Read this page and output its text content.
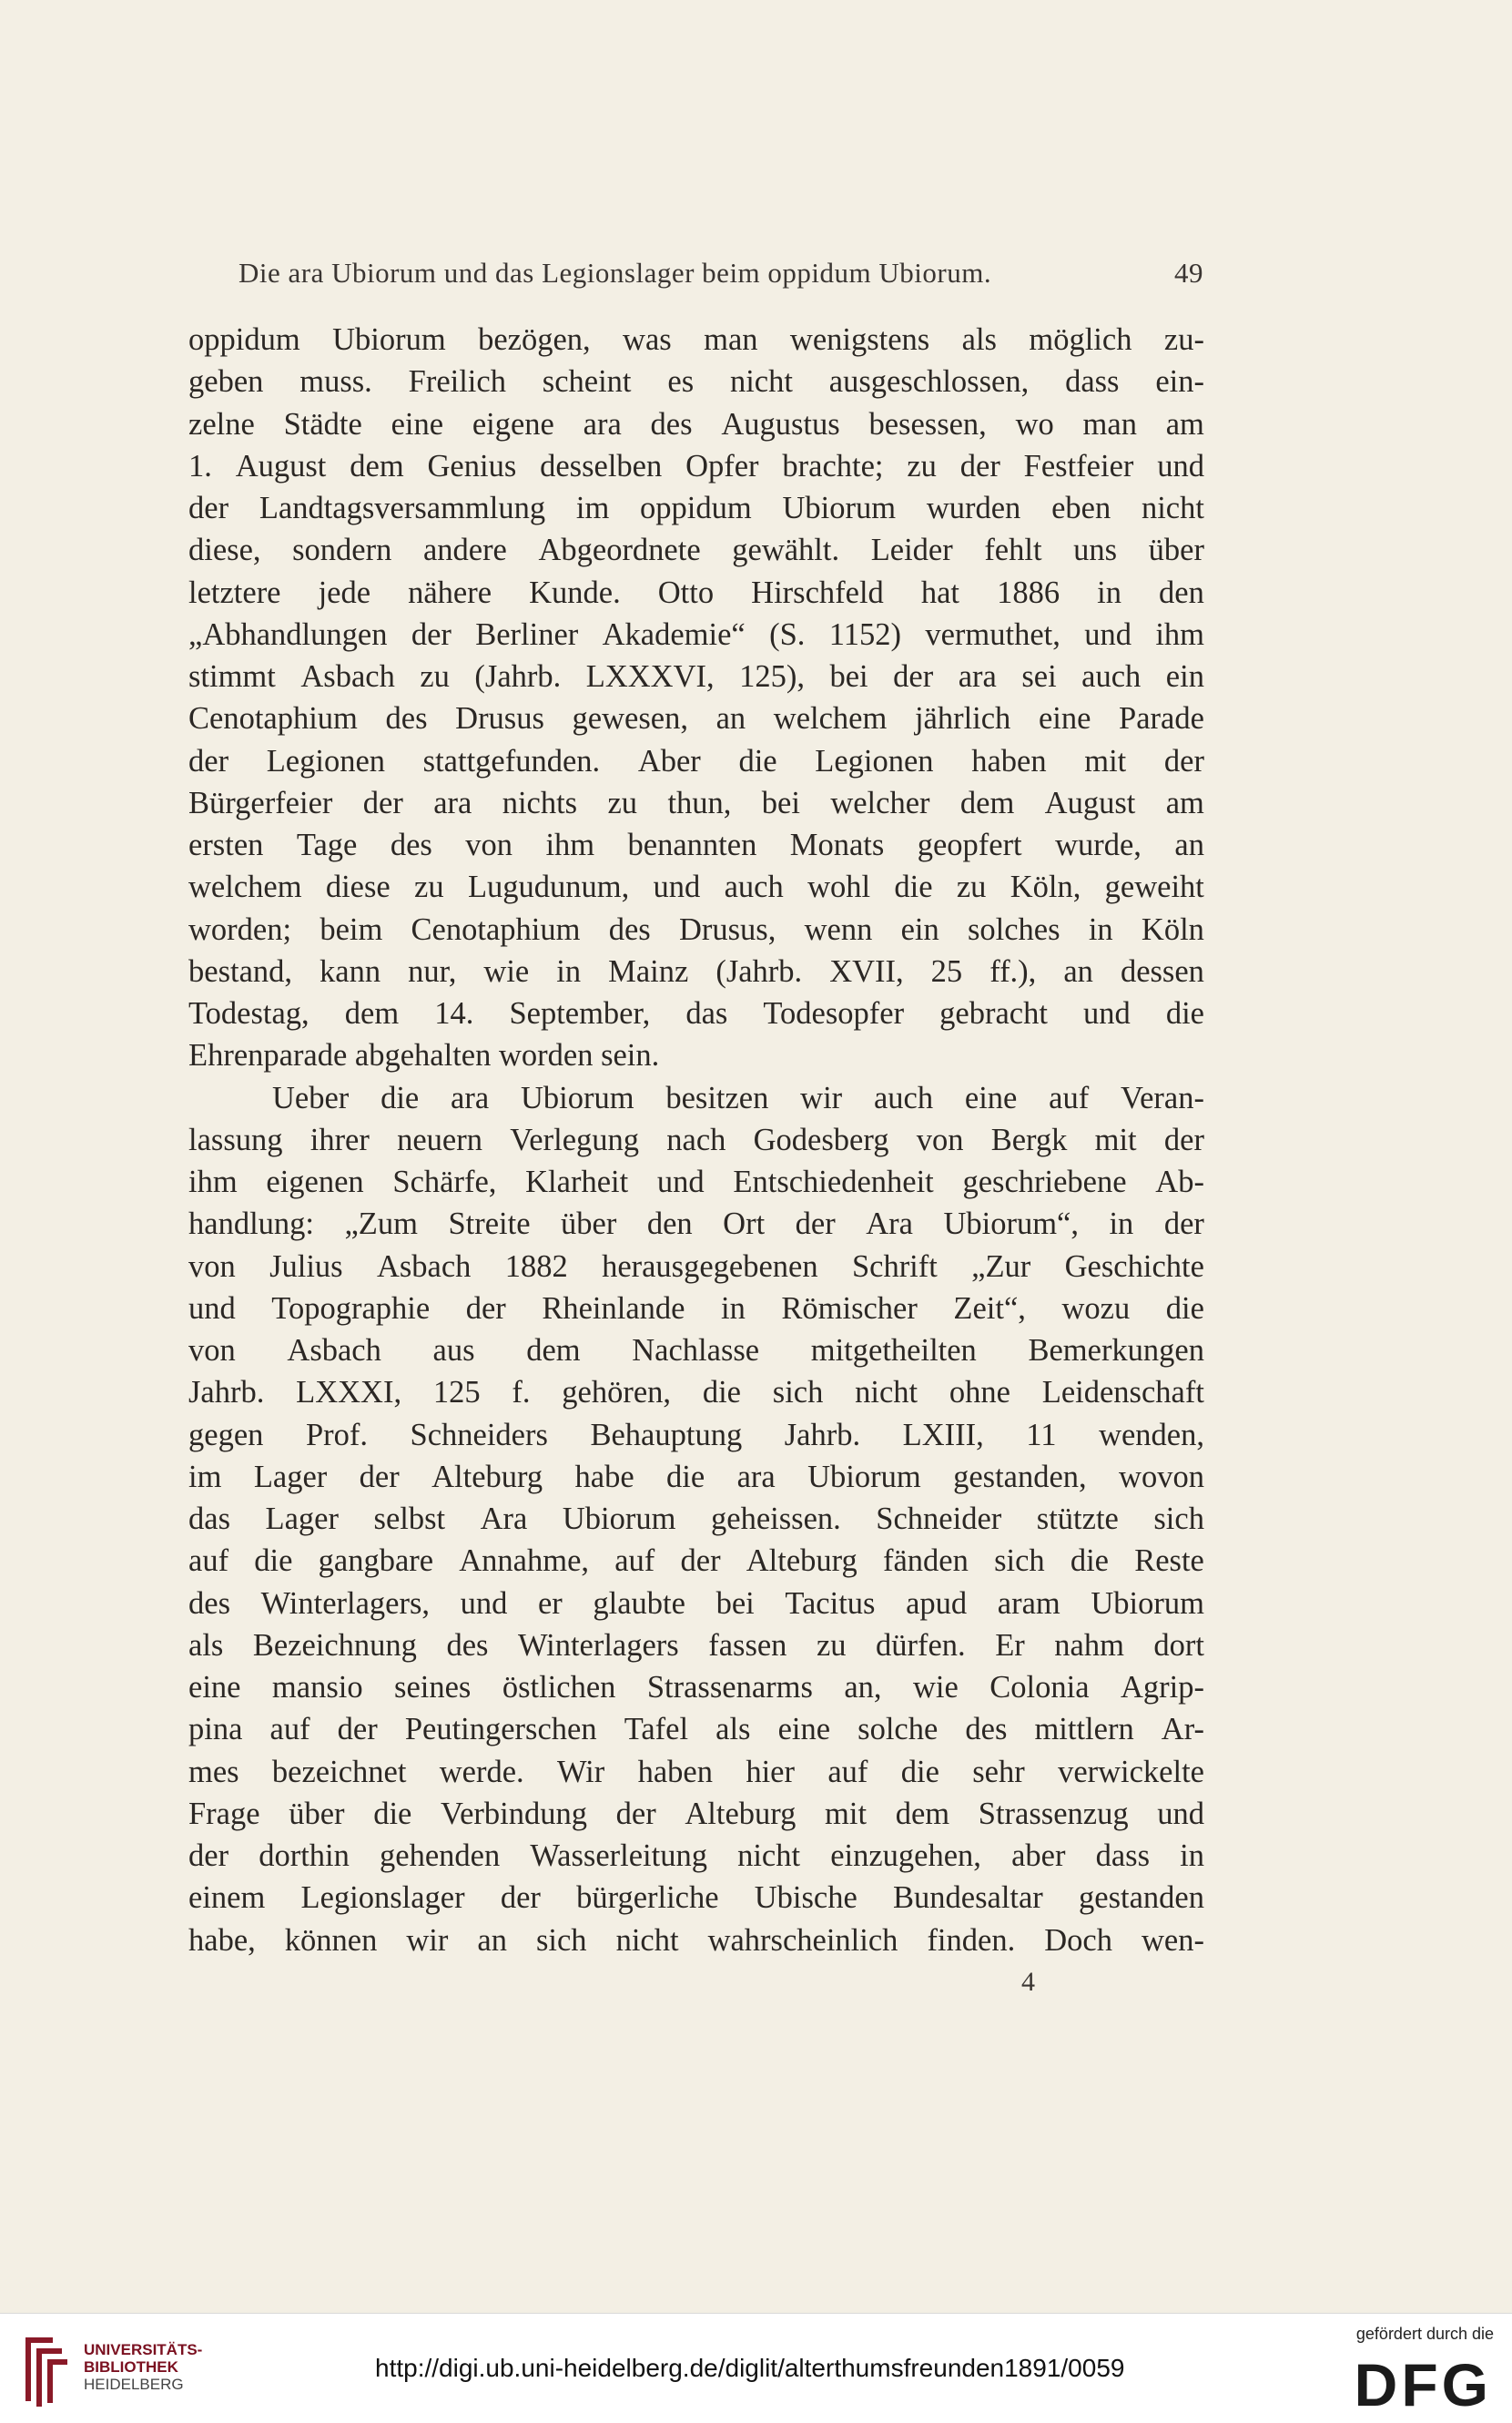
Die ara Ubiorum und das Legionslager beim oppidum Ubiorum.	49
oppidum Ubiorum bezögen, was man wenigstens als möglich zu-
geben muss. Freilich scheint es nicht ausgeschlossen, dass ein-
zelne Städte eine eigene ara des Augustus besessen, wo man am
1. August dem Genius desselben Opfer brachte; zu der Festfeier und
der Landtagsversammlung im oppidum Ubiorum wurden eben nicht
diese, sondern andere Abgeordnete gewählt. Leider fehlt uns über
letztere jede nähere Kunde. Otto Hirschfeld hat 1886 in den
„Abhandlungen der Berliner Akademie“ (S. 1152) vermuthet, und ihm
stimmt Asbach zu (Jahrb. LXXXVI, 125), bei der ara sei auch ein
Cenotaphium des Drusus gewesen, an welchem jährlich eine Parade
der Legionen stattgefunden. Aber die Legionen haben mit der
Bürgerfeier der ara nichts zu thun, bei welcher dem August am
ersten Tage des von ihm benannten Monats geopfert wurde, an
welchem diese zu Lugudunum, und auch wohl die zu Köln, geweiht
worden; beim Cenotaphium des Drusus, wenn ein solches in Köln
bestand, kann nur, wie in Mainz (Jahrb. XVII, 25 ff.), an dessen
Todestag, dem 14. September, das Todesopfer gebracht und die
Ehrenparade abgehalten worden sein.
Ueber die ara Ubiorum besitzen wir auch eine auf Veran-
lassung ihrer neuern Verlegung nach Godesberg von Bergk mit der
ihm eigenen Schärfe, Klarheit und Entschiedenheit geschriebene Ab-
handlung: „Zum Streite über den Ort der Ara Ubiorum“, in der
von Julius Asbach 1882 herausgegebenen Schrift „Zur Geschichte
und Topographie der Rheinlande in Römischer Zeit“, wozu die
von Asbach aus dem Nachlasse mitgetheilten Bemerkungen
Jahrb. LXXXI, 125 f. gehören, die sich nicht ohne Leidenschaft
gegen Prof. Schneiders Behauptung Jahrb. LXIII, 11 wenden,
im Lager der Alteburg habe die ara Ubiorum gestanden, wovon
das Lager selbst Ara Ubiorum geheissen. Schneider stützte sich
auf die gangbare Annahme, auf der Alteburg fänden sich die Reste
des Winterlagers, und er glaubte bei Tacitus apud aram Ubiorum
als Bezeichnung des Winterlagers fassen zu dürfen. Er nahm dort
eine mansio seines östlichen Strassenarms an, wie Colonia Agrip-
pina auf der Peutingerschen Tafel als eine solche des mittlern Ar-
mes bezeichnet werde. Wir haben hier auf die sehr verwickelte
Frage über die Verbindung der Alteburg mit dem Strassenzug und
der dorthin gehenden Wasserleitung nicht einzugehen, aber dass in
einem Legionslager der bürgerliche Ubische Bundesaltar gestanden
habe, können wir an sich nicht wahrscheinlich finden. Doch wen-
4
UNIVERSITÄTS-
BIBLIOTHEK
HEIDELBERG
http://digi.ub.uni-heidelberg.de/diglit/alterthumsfreunden1891/0059
gefördert durch die
DFG
